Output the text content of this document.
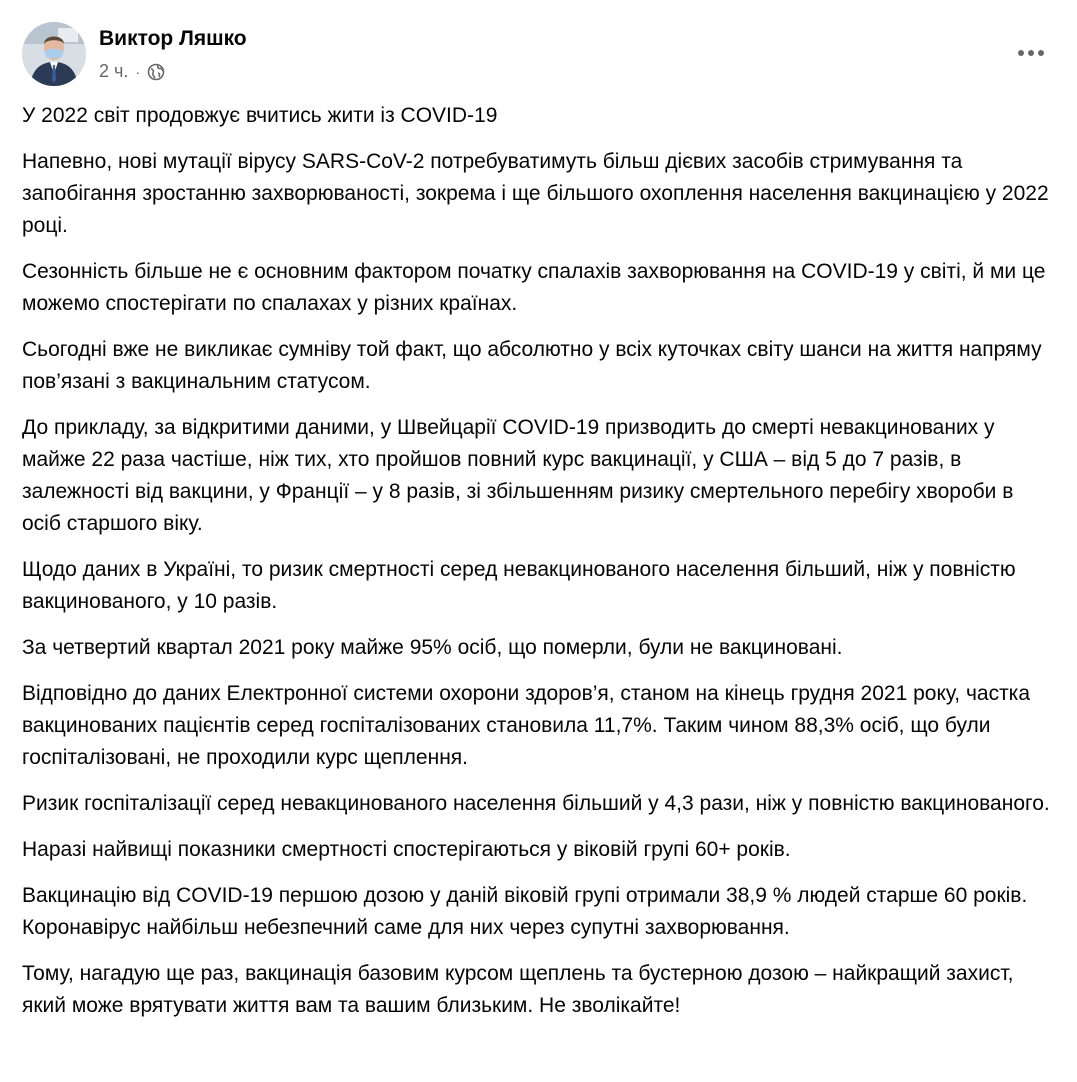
Виктор Ляшко
2 ч. ·

У 2022 світ продовжує вчитись жити із COVID-19

Напевно, нові мутації вірусу SARS-CoV-2 потребуватимуть більш дієвих засобів стримування та запобігання зростанню захворюваності, зокрема і ще більшого охоплення населення вакцинацією у 2022 році.

Сезонність більше не є основним фактором початку спалахів захворювання на COVID-19 у світі, й ми це можемо спостерігати по спалахах у різних країнах.

Сьогодні вже не викликає сумніву той факт, що абсолютно у всіх куточках світу шанси на життя напряму пов’язані з вакцинальним статусом.

До прикладу, за відкритими даними, у Швейцарії COVID-19 призводить до смерті невакцинованих у майже 22 раза частіше, ніж тих, хто пройшов повний курс вакцинації, у США – від 5 до 7 разів, в залежності від вакцини, у Франції – у 8 разів, зі збільшенням ризику смертельного перебігу хвороби в осіб старшого віку.

Щодо даних в Україні, то ризик смертності серед невакцинованого населення більший, ніж у повністю вакцинованого, у 10 разів.

За четвертий квартал 2021 року майже 95% осіб, що померли, були не вакциновані.

Відповідно до даних Електронної системи охорони здоров’я, станом на кінець грудня 2021 року, частка вакцинованих пацієнтів серед госпіталізованих становила 11,7%. Таким чином 88,3% осіб, що були госпіталізовані, не проходили курс щеплення.

Ризик госпіталізації серед невакцинованого населення більший у 4,3 рази, ніж у повністю вакцинованого.

Наразі найвищі показники смертності спостерігаються у віковій групі 60+ років.

Вакцинацію від COVID-19 першою дозою у даній віковій групі отримали 38,9 % людей старше 60 років. Коронавірус найбільш небезпечний саме для них через супутні захворювання.

Тому, нагадую ще раз, вакцинація базовим курсом щеплень та бустерною дозою – найкращий захист, який може врятувати життя вам та вашим близьким. Не зволікайте!
